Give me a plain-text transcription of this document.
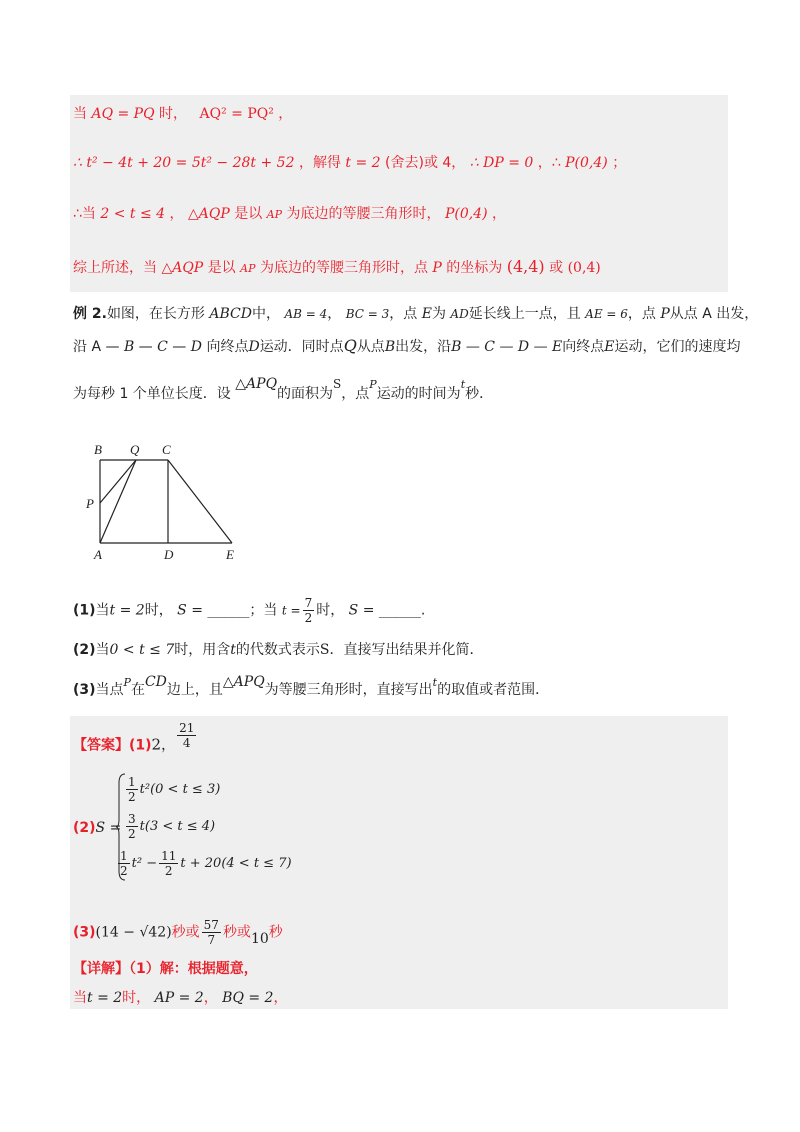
当 AQ = PQ 时， AQ² = PQ² ，
∴ t² − 4t + 20 = 5t² − 28t + 52 ，解得 t = 2 (舍去)或 4， ∴ DP = 0 ，∴ P(0,4) ；
∴当 2 < t ≤ 4 ， △AQP 是以 AP 为底边的等腰三角形时， P(0,4) ，
综上所述，当 △AQP 是以 AP 为底边的等腰三角形时，点 P 的坐标为 (4,4) 或 (0,4)
例 2.如图，在长方形 ABCD中， AB = 4， BC = 3，点 E为 AD延长线上一点，且 AE = 6，点 P从点 A 出发，
沿 A — B — C — D 向终点D运动．同时点Q从点B出发，沿B — C — D — E向终点E运动，它们的速度均
为每秒 1 个单位长度．设 △APQ的面积为S，点$^P$运动的时间为$^t$秒．
B Q C
P
A	D	E
(1)当t = 2时， S = ______；当 $t = \frac{7}{2}$ 时， S = ______.
(2)当0 < t ≤ 7时，用含t的代数式表示S．直接写出结果并化简．
(3)当点$^P$在CD边上，且△APQ为等腰三角形时，直接写出$^t$的取值或者范围．
【答案】(1)2， $\frac{21}{4}$
(2)S =
$\frac{1}{2} t^2(0 < t \le 3)$
$\frac{3}{2} t(3 < t \le 4)$
$\frac{1}{2} t^2 - \frac{11}{2}$ t + 20(4 < t ≤ 7)
(3)(14 − √42)秒或 $\frac{57}{7}$ 秒或10秒
【详解】（1）解：根据题意，
当t = 2时， AP = 2， BQ = 2，
